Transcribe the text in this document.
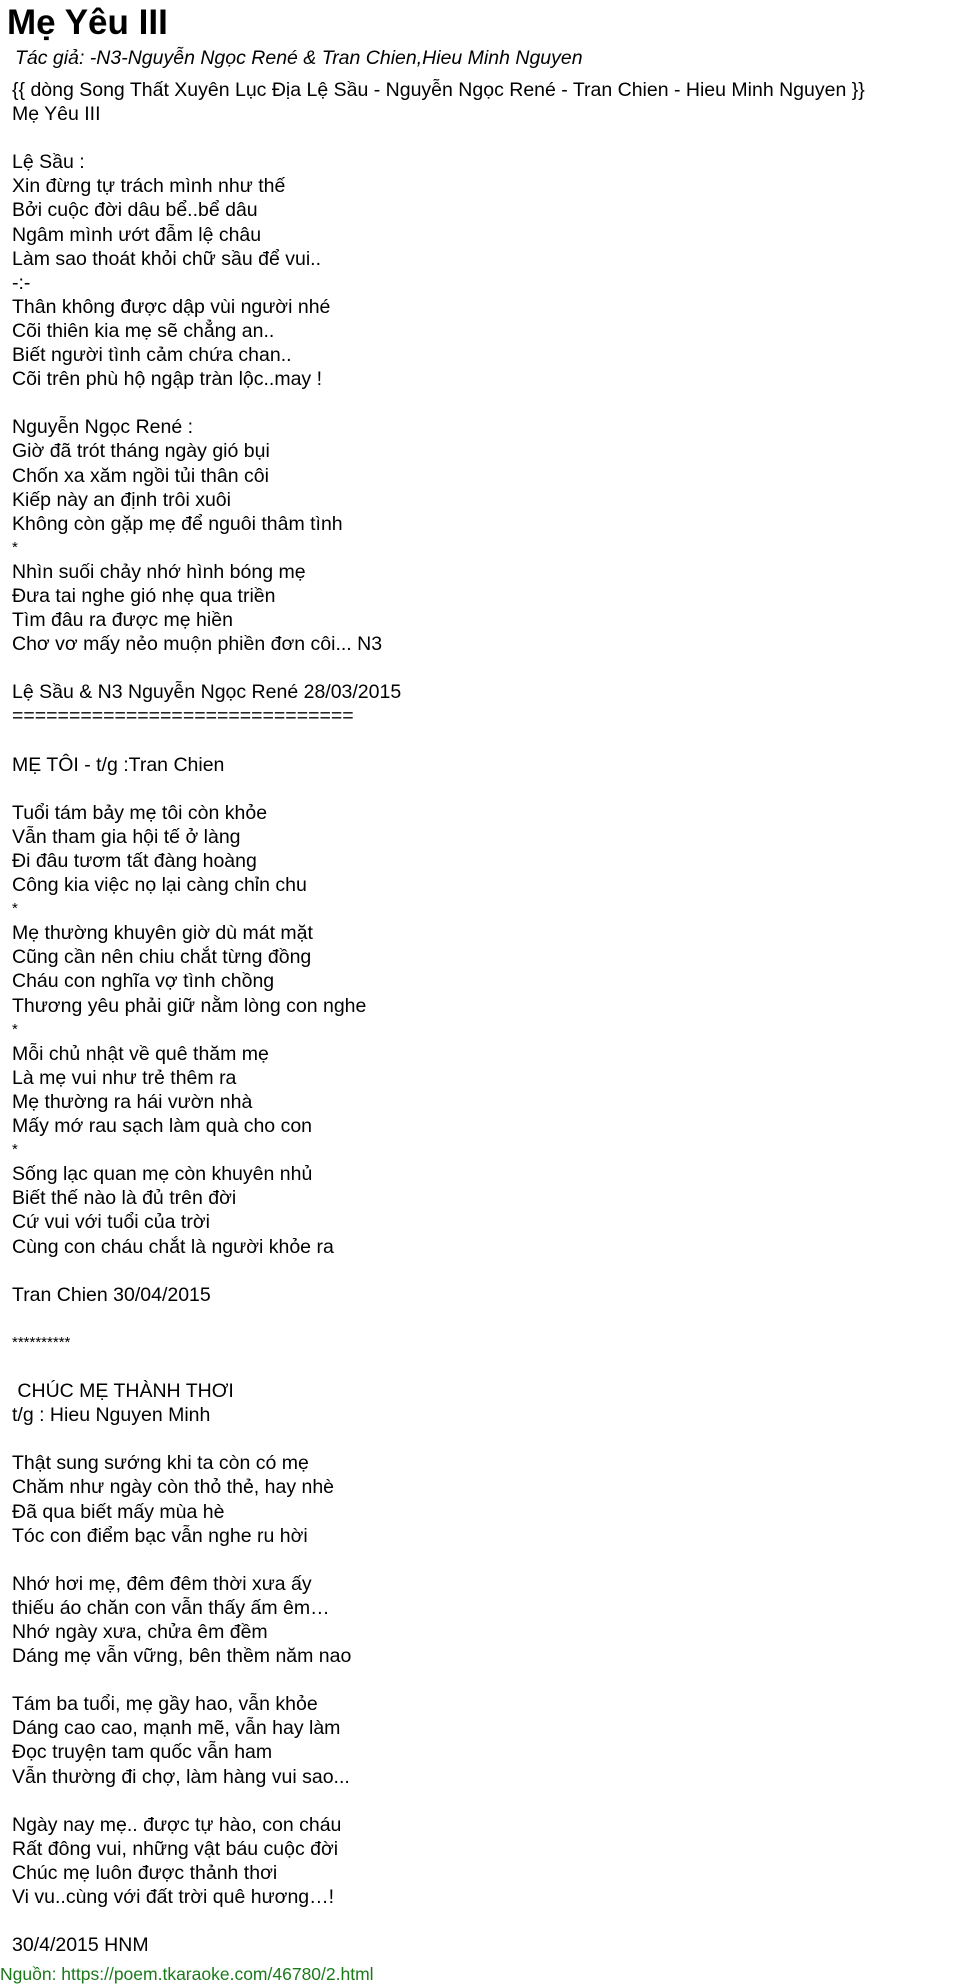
Mẹ Yêu III
Tác giả: -N3-Nguyễn Ngọc René & Tran Chien,Hieu Minh Nguyen
{{ dòng Song Thất Xuyên Lục Địa Lệ Sầu - Nguyễn Ngọc René - Tran Chien - Hieu Minh Nguyen }}
Mẹ Yêu III
Lệ Sầu :
Xin đừng tự trách mình như thế
Bởi cuộc đời dâu bể..bể dâu
Ngâm mình ướt đẫm lệ châu
Làm sao thoát khỏi chữ sầu để vui..
-:-
Thân không được dập vùi người nhé
Cõi thiên kia mẹ sẽ chẳng an..
Biết người tình cảm chứa chan..
Cõi trên phù hộ ngập tràn lộc..may !
Nguyễn Ngọc René :
Giờ đã trót tháng ngày gió bụi
Chốn xa xăm ngồi tủi thân côi
Kiếp này an định trôi xuôi
Không còn gặp mẹ để nguôi thâm tình
*
Nhìn suối chảy nhớ hình bóng mẹ
Đưa tai nghe gió nhẹ qua triền
Tìm đâu ra được mẹ hiền
Chơ vơ mấy nẻo muộn phiền đơn côi... N3
Lệ Sầu & N3 Nguyễn Ngọc René 28/03/2015
==============================
MẸ TÔI - t/g :Tran Chien
Tuổi tám bảy mẹ tôi còn khỏe
Vẫn tham gia hội tế ở làng
Đi đâu tươm tất đàng hoàng
Công kia việc nọ lại càng chỉn chu
*
Mẹ thường khuyên giờ dù mát mặt
Cũng cần nên chiu chắt từng đồng
Cháu con nghĩa vợ tình chồng
Thương yêu phải giữ nằm lòng con nghe
*
Mỗi chủ nhật về quê thăm mẹ
Là mẹ vui như trẻ thêm ra
Mẹ thường ra hái vườn nhà
Mấy mớ rau sạch làm quà cho con
*
Sống lạc quan mẹ còn khuyên nhủ
Biết thế nào là đủ trên đời
Cứ vui với tuổi của trời
Cùng con cháu chắt là người khỏe ra
Tran Chien 30/04/2015
**********
CHÚC MẸ THÀNH THƠI
t/g : Hieu Nguyen Minh
Thật sung sướng khi ta còn có mẹ
Chăm như ngày còn thỏ thẻ, hay nhè
Đã qua biết mấy mùa hè
Tóc con điểm bạc vẫn nghe ru hời
Nhớ hơi mẹ, đêm đêm thời xưa ấy
thiếu áo chăn con vẫn thấy ấm êm…
Nhớ ngày xưa, chửa êm đềm
Dáng mẹ vẫn vững, bên thềm năm nao
Tám ba tuổi, mẹ gầy hao, vẫn khỏe
Dáng cao cao, mạnh mẽ, vẫn hay làm
Đọc truyện tam quốc vẫn ham
Vẫn thường đi chợ, làm hàng vui sao...
Ngày nay mẹ.. được tự hào, con cháu
Rất đông vui, những vật báu cuộc đời
Chúc mẹ luôn được thảnh thơi
Vi vu..cùng với đất trời quê hương…!
30/4/2015 HNM
Nguồn: https://poem.tkaraoke.com/46780/2.html
